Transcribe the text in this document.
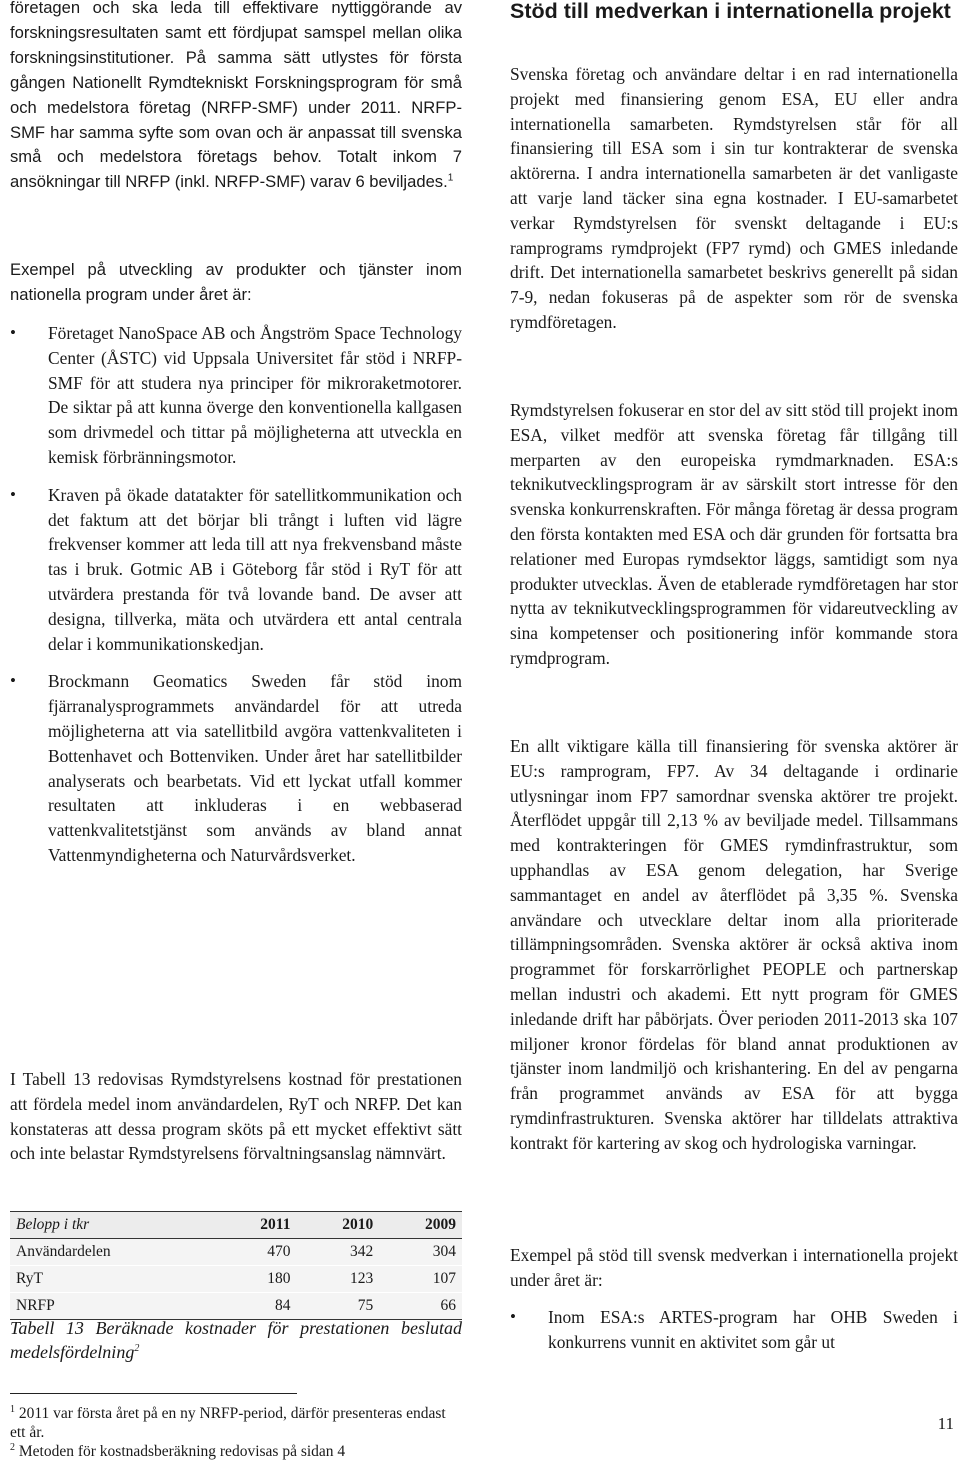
företagen och ska leda till effektivare nyttiggörande av forskningsresultaten samt ett fördjupat samspel mellan olika forskningsinstitutioner. På samma sätt utlystes för första gången Nationellt Rymdtekniskt Forskningsprogram för små och medelstora företag (NRFP-SMF) under 2011. NRFP-SMF har samma syfte som ovan och är anpassat till svenska små och medelstora företags behov. Totalt inkom 7 ansökningar till NRFP (inkl. NRFP-SMF) varav 6 beviljades.$^1$

Exempel på utveckling av produkter och tjänster inom nationella program under året är:

• Företaget NanoSpace AB och Ångström Space Technology Center (ÅSTC) vid Uppsala Universitet får stöd i NRFP-SMF för att studera nya principer för mikroraketmotorer. De siktar på att kunna överge den konventionella kallgasen som drivmedel och tittar på möjligheterna att utveckla en kemisk förbränningsmotor.
• Kraven på ökade datatakter för satellitkommunikation och det faktum att det börjar bli trångt i luften vid lägre frekvenser kommer att leda till att nya frekvensband måste tas i bruk. Gotmic AB i Göteborg får stöd i RyT för att utvärdera prestanda för två lovande band. De avser att designa, tillverka, mäta och utvärdera ett antal centrala delar i kommunikationskedjan.
• Brockmann Geomatics Sweden får stöd inom fjärranalysprogrammets användardel för att utreda möjligheterna att via satellitbild avgöra vattenkvaliteten i Bottenhavet och Bottenviken. Under året har satellitbilder analyserats och bearbetats. Vid ett lyckat utfall kommer resultaten att inkluderas i en webbaserad vattenkvalitetstjänst som används av bland annat Vattenmyndigheterna och Naturvårdsverket.

I Tabell 13 redovisas Rymdstyrelsens kostnad för prestationen att fördela medel inom användardelen, RyT och NRFP. Det kan konstateras att dessa program sköts på ett mycket effektivt sätt och inte belastar Rymdstyrelsens förvaltningsanslag nämnvärt.

Belopp i tkr	2011	2010	2009
Användardelen	470	342	304
RyT	180	123	107
NRFP	84	75	66

Tabell 13 Beräknade kostnader för prestationen beslutad medelsfördelning$^2$

$^1$ 2011 var första året på en ny NRFP-period, därför presenteras endast ett år.

$^2$ Metoden för kostnadsberäkning redovisas på sidan 4

Stöd till medverkan i internationella projekt

Svenska företag och användare deltar i en rad internationella projekt med finansiering genom ESA, EU eller andra internationella samarbeten. Rymdstyrelsen står för all finansiering till ESA som i sin tur kontrakterar de svenska aktörerna. I andra internationella samarbeten är det vanligaste att varje land täcker sina egna kostnader. I EU-samarbetet verkar Rymdstyrelsen för svenskt deltagande i EU:s ramprograms rymdprojekt (FP7 rymd) och GMES inledande drift. Det internationella samarbetet beskrivs generellt på sidan 7-9, nedan fokuseras på de aspekter som rör de svenska rymdföretagen.

Rymdstyrelsen fokuserar en stor del av sitt stöd till projekt inom ESA, vilket medför att svenska företag får tillgång till merparten av den europeiska rymdmarknaden. ESA:s teknikutvecklingsprogram är av särskilt stort intresse för den svenska konkurrenskraften. För många företag är dessa program den första kontakten med ESA och där grunden för fortsatta bra relationer med Europas rymdsektor läggs, samtidigt som nya produkter utvecklas. Även de etablerade rymdföretagen har stor nytta av teknikutvecklingsprogrammen för vidareutveckling av sina kompetenser och positionering inför kommande stora rymdprogram.

En allt viktigare källa till finansiering för svenska aktörer är EU:s ramprogram, FP7. Av 34 deltagande i ordinarie utlysningar inom FP7 samordnar svenska aktörer tre projekt. Återflödet uppgår till 2,13 % av beviljade medel. Tillsammans med kontrakteringen för GMES rymdinfrastruktur, som upphandlas av ESA genom delegation, har Sverige sammantaget en andel av återflödet på 3,35 %. Svenska användare och utvecklare deltar inom alla prioriterade tillämpningsområden. Svenska aktörer är också aktiva inom programmet för forskarrörlighet PEOPLE och partnerskap mellan industri och akademi. Ett nytt program för GMES inledande drift har påbörjats. Över perioden 2011-2013 ska 107 miljoner kronor fördelas för bland annat produktionen av tjänster inom landmiljö och krishantering. En del av pengarna från programmet används av ESA för att bygga rymdinfrastrukturen. Svenska aktörer har tilldelats attraktiva kontrakt för kartering av skog och hydrologiska varningar.

Exempel på stöd till svensk medverkan i internationella projekt under året är:

• Inom ESA:s ARTES-program har OHB Sweden i konkurrens vunnit en aktivitet som går ut
11
